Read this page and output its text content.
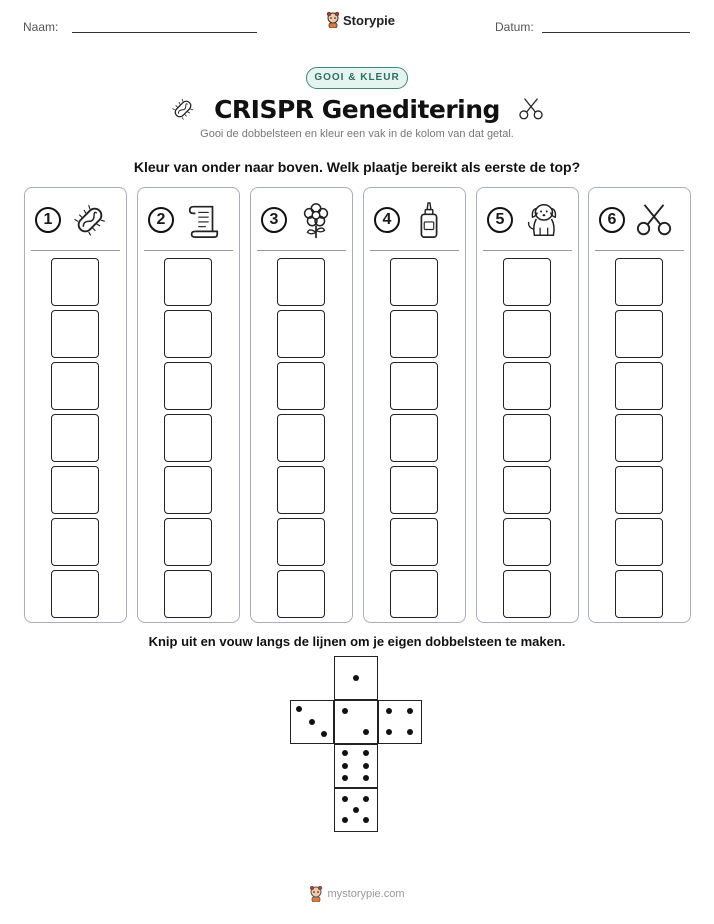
Naam:	Storypie	Datum:
GOOI & KLEUR
CRISPR Geneditering
Gooi de dobbelsteen en kleur een vak in de kolom van dat getal.
Kleur van onder naar boven. Welk plaatje bereikt als eerste de top?
1	2	3	4	5	6
Knip uit en vouw langs de lijnen om je eigen dobbelsteen te maken.
mystorypie.com
